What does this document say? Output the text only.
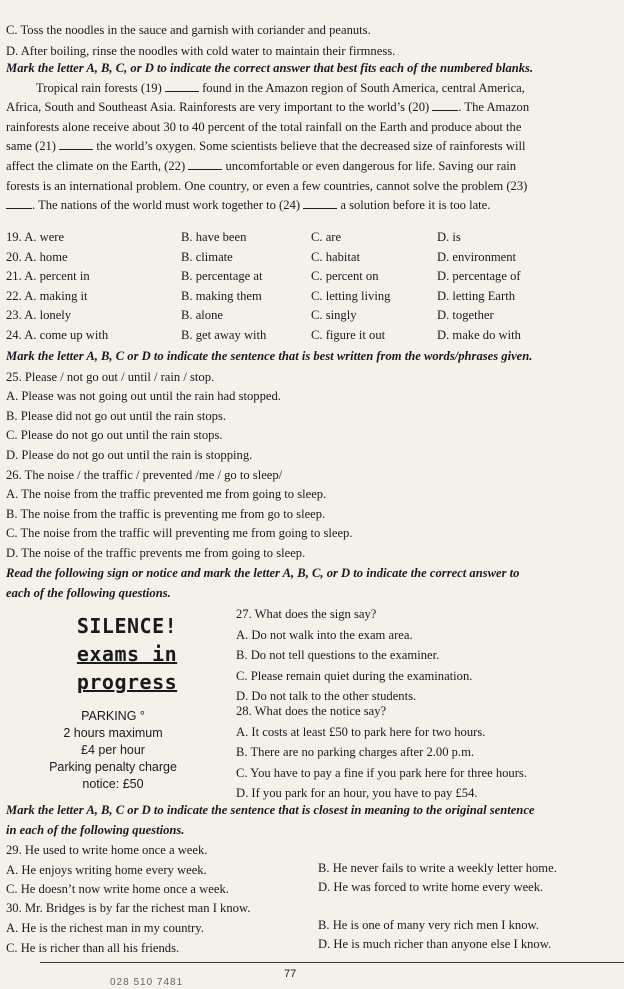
C. Toss the noodles in the sauce and garnish with coriander and peanuts.
D. After boiling, rinse the noodles with cold water to maintain their firmness.
Mark the letter A, B, C, or D to indicate the correct answer that best fits each of the numbered blanks.
Tropical rain forests (19)	found in the Amazon region of South America, central America,
Africa, South and Southeast Asia. Rainforests are very important to the world’s (20) . The Amazon
rainforests alone receive about 30 to 40 percent of the total rainfall on the Earth and produce about the
same (21)	the world’s oxygen. Some scientists believe that the decreased size of rainforests will
affect the climate on the Earth, (22)	uncomfortable or even dangerous for life. Saving our rain
forests is an international problem. One country, or even a few countries, cannot solve the problem (23)
. The nations of the world must work together to (24)	a solution before it is too late.
19. A. were	B. have been	C. are	D. is
20. A. home	B. climate	C. habitat	D. environment
21. A. percent in	B. percentage at	C. percent on	D. percentage of
22. A. making it	B. making them	C. letting living	D. letting Earth
23. A. lonely	B. alone	C. singly	D. together
24. A. come up with	B. get away with	C. figure it out	D. make do with
Mark the letter A, B, C or D to indicate the sentence that is best written from the words/phrases given.
25. Please / not go out / until / rain / stop.
A. Please was not going out until the rain had stopped.
B. Please did not go out until the rain stops.
C. Please do not go out until the rain stops.
D. Please do not go out until the rain is stopping.
26. The noise / the traffic / prevented /me / go to sleep/
A. The noise from the traffic prevented me from going to sleep.
B. The noise from the traffic is preventing me from go to sleep.
C. The noise from the traffic will preventing me from going to sleep.
D. The noise of the traffic prevents me from going to sleep.
Read the following sign or notice and mark the letter A, B, C, or D to indicate the correct answer to
each of the following questions.
SILENCE!
exams in
progress
27. What does the sign say?
A. Do not walk into the exam area.
B. Do not tell questions to the examiner.
C. Please remain quiet during the examination.
D. Do not talk to the other students.
PARKING °
2 hours maximum
£4 per hour
Parking penalty charge
notice: £50
28. What does the notice say?
A. It costs at least £50 to park here for two hours.
B. There are no parking charges after 2.00 p.m.
C. You have to pay a fine if you park here for three hours.
D. If you park for an hour, you have to pay £54.
Mark the letter A, B, C or D to indicate the sentence that is closest in meaning to the original sentence
in each of the following questions.
29. He used to write home once a week.
A. He enjoys writing home every week.	B. He never fails to write a weekly letter home.
C. He doesn’t now write home once a week.	D. He was forced to write home every week.
30. Mr. Bridges is by far the richest man I know.
A. He is the richest man in my country.	B. He is one of many very rich men I know.
C. He is richer than all his friends.	D. He is much richer than anyone else I know.
77
028 510 7481
